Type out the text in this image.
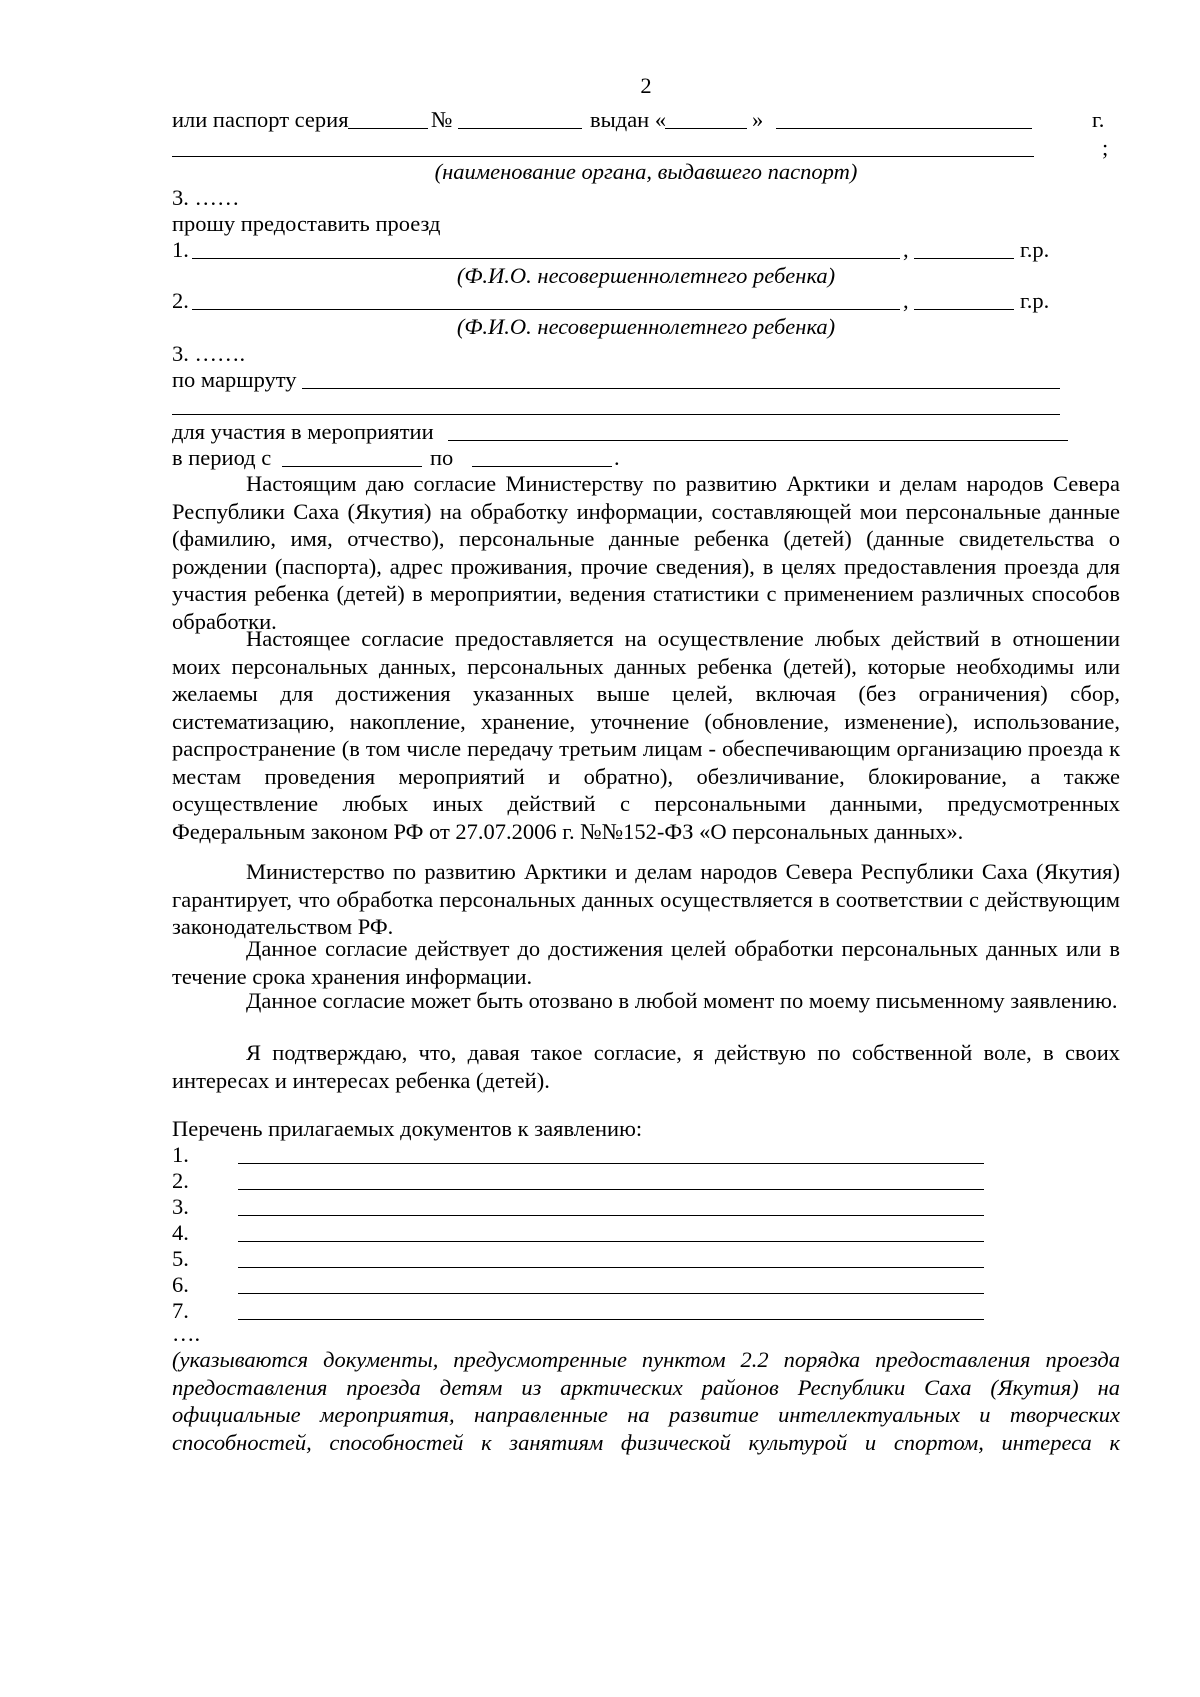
2
или паспорт серия	№	выдан «	»	г.
;
(наименование органа, выдавшего паспорт)
3. ……
прошу предоставить проезд
1.	,	г.р.
(Ф.И.О. несовершеннолетнего ребенка)
2.	,	г.р.
(Ф.И.О. несовершеннолетнего ребенка)
3. …….
по маршруту
для участия в мероприятии
в период с	по	.
Настоящим даю согласие Министерству по развитию Арктики и делам народов Севера Республики Саха (Якутия) на обработку информации, составляющей мои персональные данные (фамилию, имя, отчество), персональные данные ребенка (детей) (данные свидетельства о рождении (паспорта), адрес проживания, прочие сведения), в целях предоставления проезда для участия ребенка (детей) в мероприятии, ведения статистики с применением различных способов обработки.
Настоящее согласие предоставляется на осуществление любых действий в отношении моих персональных данных, персональных данных ребенка (детей), которые необходимы или желаемы для достижения указанных выше целей, включая (без ограничения) сбор, систематизацию, накопление, хранение, уточнение (обновление, изменение), использование, распространение (в том числе передачу третьим лицам - обеспечивающим организацию проезда к местам проведения мероприятий и обратно), обезличивание, блокирование, а также осуществление любых иных действий с персональными данными, предусмотренных Федеральным законом РФ от 27.07.2006 г. №№152-ФЗ «О персональных данных».
Министерство по развитию Арктики и делам народов Севера Республики Саха (Якутия) гарантирует, что обработка персональных данных осуществляется в соответствии с действующим законодательством РФ.
Данное согласие действует до достижения целей обработки персональных данных или в течение срока хранения информации.
Данное согласие может быть отозвано в любой момент по моему письменному заявлению.
Я подтверждаю, что, давая такое согласие, я действую по собственной воле, в своих интересах и интересах ребенка (детей).
Перечень прилагаемых документов к заявлению:
1.
2.
3.
4.
5.
6.
7.
….
(указываются документы, предусмотренные пунктом 2.2 порядка предоставления проезда предоставления проезда детям из арктических районов Республики Саха (Якутия) на официальные мероприятия, направленные на развитие интеллектуальных и творческих способностей, способностей к занятиям физической культурой и спортом, интереса к
